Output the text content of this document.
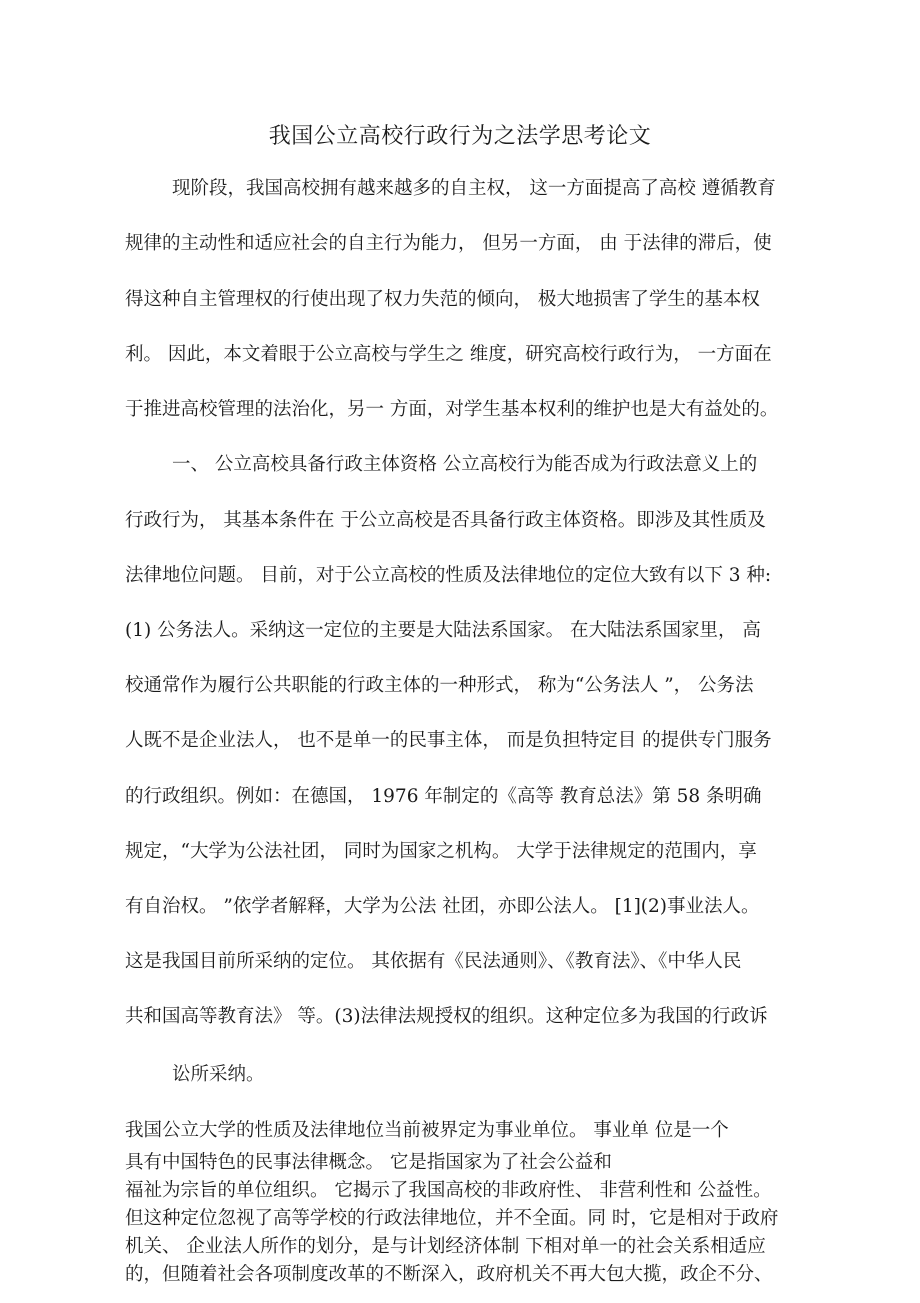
我国公立高校行政行为之法学思考论文
现阶段，我国高校拥有越来越多的自主权， 这一方面提高了高校 遵循教育
规律的主动性和适应社会的自主行为能力， 但另一方面， 由 于法律的滞后，使
得这种自主管理权的行使出现了权力失范的倾向， 极大地损害了学生的基本权
利。 因此，本文着眼于公立高校与学生之 维度，研究高校行政行为， 一方面在
于推进高校管理的法治化，另一 方面，对学生基本权利的维护也是大有益处的。
一、 公立高校具备行政主体资格 公立高校行为能否成为行政法意义上的
行政行为， 其基本条件在 于公立高校是否具备行政主体资格。即涉及其性质及
法律地位问题。 目前，对于公立高校的性质及法律地位的定位大致有以下 3 种:
(1) 公务法人。采纳这一定位的主要是大陆法系国家。 在大陆法系国家里， 高
校通常作为履行公共职能的行政主体的一种形式， 称为“公务法人 ”， 公务法
人既不是企业法人， 也不是单一的民事主体， 而是负担特定目 的提供专门服务
的行政组织。例如：在德国， 1976 年制定的《高等 教育总法》第 58 条明确
规定，“大学为公法社团， 同时为国家之机构。 大学于法律规定的范围内，享
有自治权。 ”依学者解释，大学为公法 社团，亦即公法人。 [1](2)事业法人。
这是我国目前所采纳的定位。 其依据有《民法通则》、《教育法》、《中华人民
共和国高等教育法》 等。(3)法律法规授权的组织。这种定位多为我国的行政诉
讼所采纳。
我国公立大学的性质及法律地位当前被界定为事业单位。 事业单 位是一个
具有中国特色的民事法律概念。 它是指国家为了社会公益和
福祉为宗旨的单位组织。 它揭示了我国高校的非政府性、 非营利性和 公益性。
但这种定位忽视了高等学校的行政法律地位，并不全面。同 时，它是相对于政府
机关、 企业法人所作的划分，是与计划经济体制 下相对单一的社会关系相适应
的，但随着社会各项制度改革的不断深入，政府机关不再大包大揽，政企不分、
